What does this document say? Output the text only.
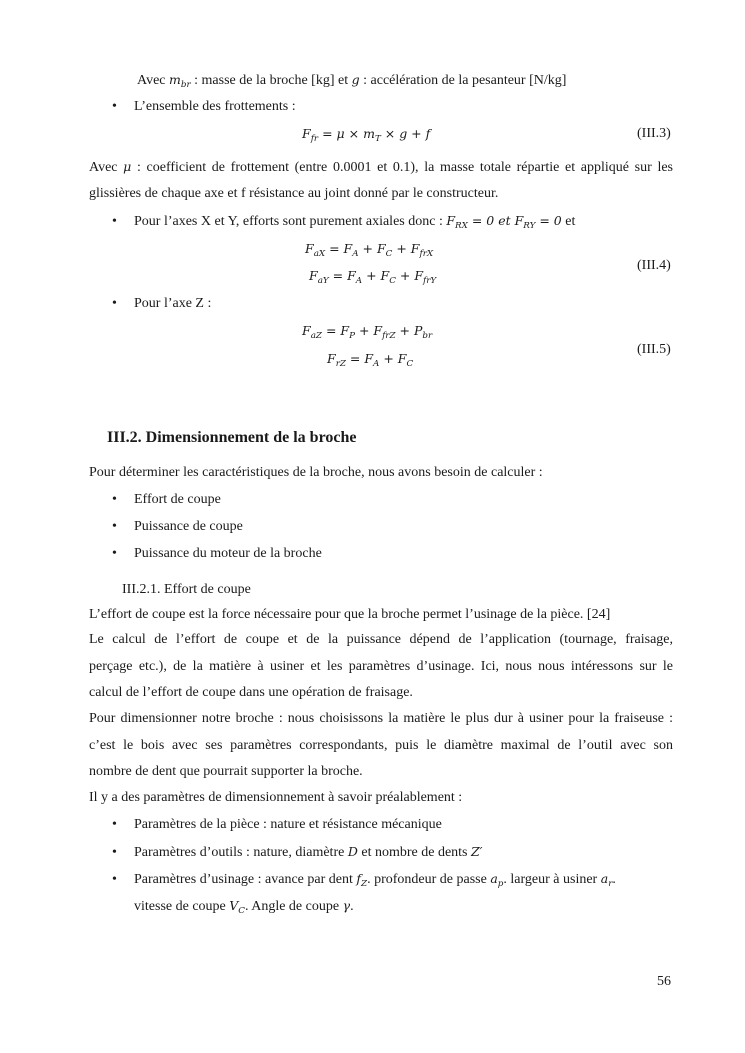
Avec $m_{br}$ : masse de la broche [kg] et g : accélération de la pesanteur [N/kg]
• L’ensemble des frottements :
$F_{fr} = \mu \times m_T \times g + f$	(III.3)
Avec μ : coefficient de frottement (entre 0.0001 et 0.1), la masse totale répartie et appliqué sur les
glissières de chaque axe et f résistance au joint donné par le constructeur.
• Pour l’axes X et Y, efforts sont purement axiales donc : $F_{RX} = 0$ et $F_{RY} = 0$ et
$F_{aX} = F_A + F_C + F_{frX}$
$F_{aY} = F_A + F_C + F_{frY}$
(III.4)
• Pour l’axe Z :
$F_{aZ} = F_P + F_{frZ} + P_{br}$
$F_{rZ} = F_A + F_C$
(III.5)
III.2. Dimensionnement de la broche
Pour déterminer les caractéristiques de la broche, nous avons besoin de calculer :
• Effort de coupe
• Puissance de coupe
• Puissance du moteur de la broche
III.2.1. Effort de coupe
L’effort de coupe est la force nécessaire pour que la broche permet l’usinage de la pièce. [24]
Le calcul de l’effort de coupe et de la puissance dépend de l’application (tournage, fraisage,
perçage etc.), de la matière à usiner et les paramètres d’usinage. Ici, nous nous intéressons sur le
calcul de l’effort de coupe dans une opération de fraisage.
Pour dimensionner notre broche : nous choisissons la matière le plus dur à usiner pour la fraiseuse :
c’est le bois avec ses paramètres correspondants, puis le diamètre maximal de l’outil avec son
nombre de dent que pourrait supporter la broche.
Il y a des paramètres de dimensionnement à savoir préalablement :
• Paramètres de la pièce : nature et résistance mécanique
• Paramètres d’outils : nature, diamètre D et nombre de dents Z′
• Paramètres d’usinage : avance par dent $f_Z$. profondeur de passe $a_p$. largeur à usiner $a_r$.
vitesse de coupe $V_C$. Angle de coupe γ.
56
